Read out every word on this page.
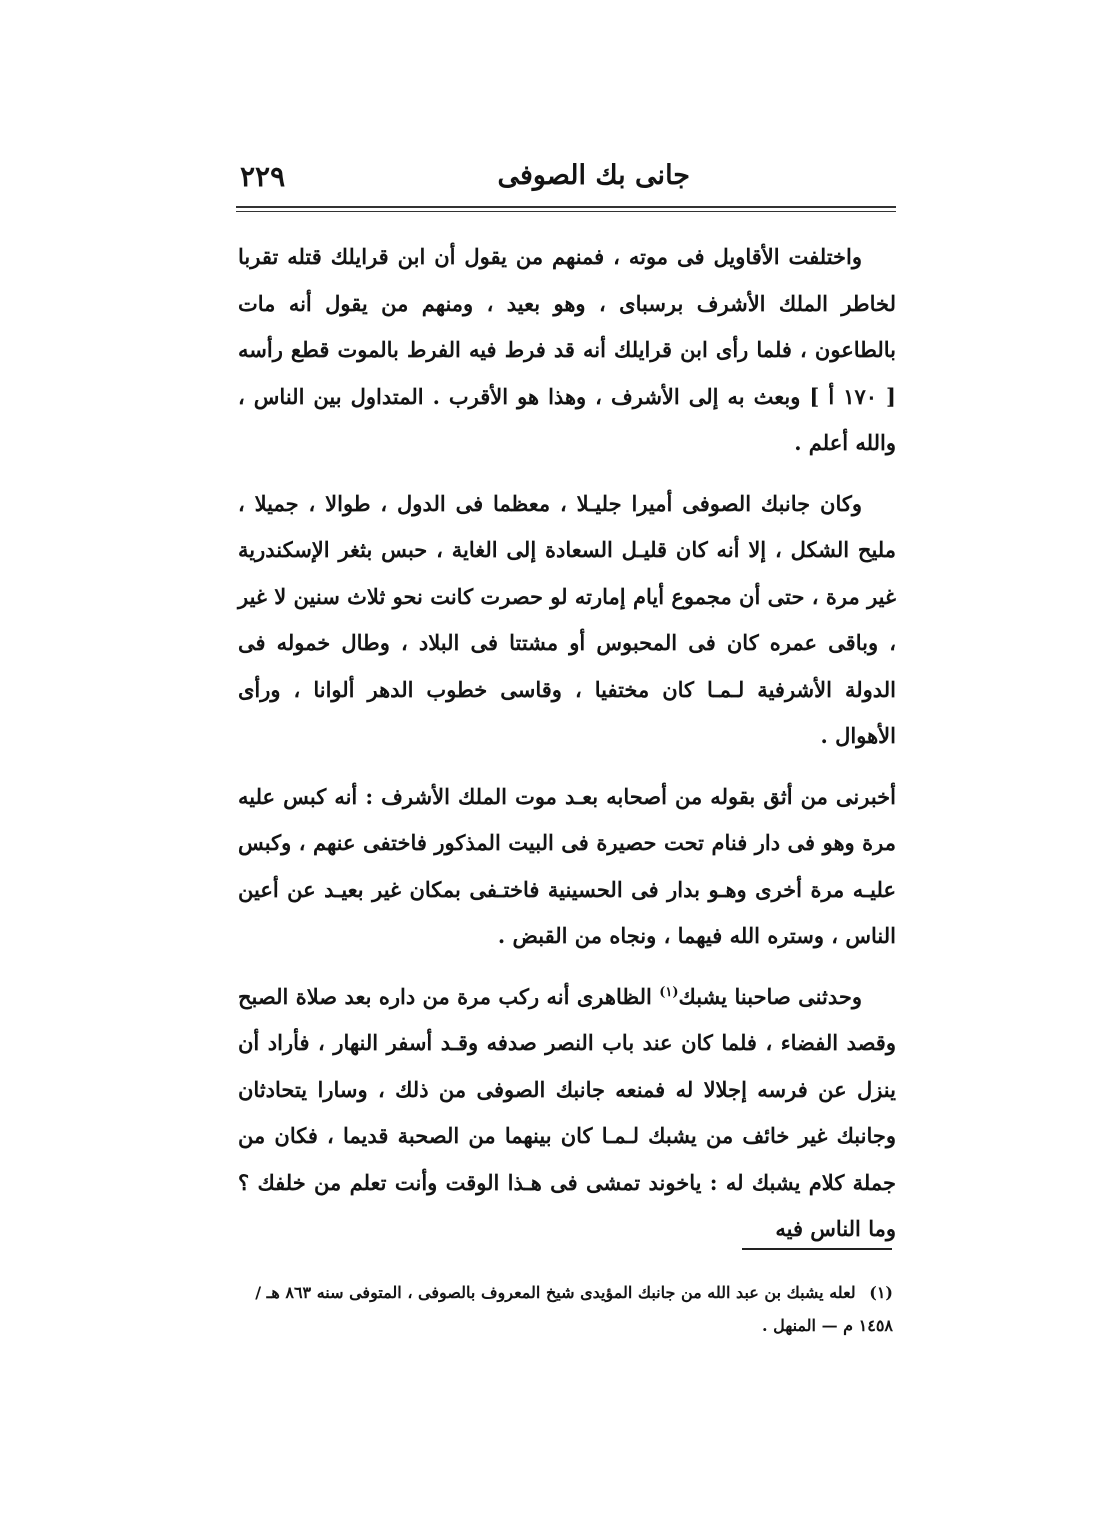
جانى بك الصوفى
٢٢٩

واختلفت الأقاويل فى موته ، فمنهم من يقول أن ابن قرايلك قتله تقربا لخاطر الملك الأشرف برسباى ، وهو بعيد ، ومنهم من يقول أنه مات بالطاعون ، فلما رأى ابن قرايلك أنه قد فرط فيه الفرط بالموت قطع رأسه [ ١٧٠ أ ] وبعث به إلى الأشرف ، وهذا هو الأقرب . المتداول بين الناس ، والله أعلم .

وكان جانبك الصوفى أميرا جليـلا ، معظما فى الدول ، طوالا ، جميلا ، مليح الشكل ، إلا أنه كان قليـل السعادة إلى الغاية ، حبس بثغر الإسكندرية غير مرة ، حتى أن مجموع أيام إمارته لو حصرت كانت نحو ثلاث سنين لا غير ، وباقى عمره كان فى المحبوس أو مشتتا فى البلاد ، وطال خموله فى الدولة الأشرفية لـمـا كان مختفيا ، وقاسى خطوب الدهر ألوانا ، ورأى الأهوال .

أخبرنى من أثق بقوله من أصحابه بعـد موت الملك الأشرف : أنه كبس عليه مرة وهو فى دار فنام تحت حصيرة فى البيت المذكور فاختفى عنهم ، وكبس عليـه مرة أخرى وهـو بدار فى الحسينية فاختـفى بمكان غير بعيـد عن أعين الناس ، وستره الله فيهما ، ونجاه من القبض .

وحدثنى صاحبنا يشبك$^{(١)}$ الظاهرى أنه ركب مرة من داره بعد صلاة الصبح وقصد الفضاء ، فلما كان عند باب النصر صدفه وقـد أسفر النهار ، فأراد أن ينزل عن فرسه إجلالا له فمنعه جانبك الصوفى من ذلك ، وسارا يتحادثان وجانبك غير خائف من يشبك لـمـا كان بينهما من الصحبة قديما ، فكان من جملة كلام يشبك له : ياخوند تمشى فى هـذا الوقت وأنت تعلم من خلفك ؟ وما الناس فيه

(١) لعله يشبك بن عبد الله من جانبك المؤيدى شيخ المعروف بالصوفى ، المتوفى سنه ٨٦٣ هـ /
١٤٥٨ م — المنهل .
